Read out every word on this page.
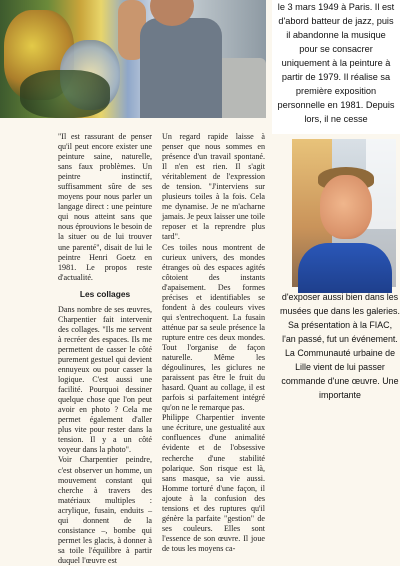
le 3 mars 1949 à Paris. Il est d'abord batteur de jazz, puis il abandonne la musique pour se consacrer uniquement à la peinture à partir de 1979. Il réalise sa première exposition personnelle en 1981. Depuis lors, il ne cesse

"Il est rassurant de penser qu'il peut encore exister une peinture saine, naturelle, sans faux problèmes. Un peintre instinctif, suffisamment sûre de ses moyens pour nous parler un langage direct : une peinture qui nous atteint sans que nous éprouvions le besoin de la situer ou de lui trouver une parenté", disait de lui le peintre Henri Goetz en 1981. Le propos reste d'actualité.

Les collages

Dans nombre de ses œuvres, Charpentier fait intervenir des collages. "Ils me servent à recréer des espaces. Ils me permettent de casser le côté purement gestuel qui devient ennuyeux ou pour casser la logique. C'est aussi une facilité. Pourquoi dessiner quelque chose que l'on peut avoir en photo ? Cela me permet également d'aller plus vite pour rester dans la tension. Il y a un côté voyeur dans la photo".

Voir Charpentier peindre, c'est observer un homme, un mouvement constant qui cherche à travers des matériaux multiples : acrylique, fusain, enduits – qui donnent de la consistance –, bombe qui permet les glacis, à donner à sa toile l'équilibre à partir duquel l'œuvre est

Un regard rapide laisse à penser que nous sommes en présence d'un travail spontané. Il n'en est rien. Il s'agit véritablement de l'expression de tension. "J'interviens sur plusieurs toiles à la fois. Cela me dynamise. Je ne m'acharne jamais. Je peux laisser une toile reposer et la reprendre plus tard".

Ces toiles nous montrent de curieux univers, des mondes étranges où des espaces agités côtoient des instants d'apaisement. Des formes précises et identifiables se fondent à des couleurs vives qui s'entrechoquent. La fusain atténue par sa seule présence la rupture entre ces deux mondes. Tout l'organise de façon naturelle. Même les dégoulinures, les giclures ne paraissent pas être le fruit du hasard. Quant au collage, il est parfois si parfaitement intégré qu'on ne le remarque pas.

Philippe Charpentier invente une écriture, une gestualité aux confluences d'une animalité évidente et de l'obsessive recherche d'une stabilité polarique. Son risque est là, sans masque, sa vie aussi. Homme torturé d'une façon, il ajoute à la confusion des tensions et des ruptures qu'il génère la parfaite "gestion" de ses couleurs. Elles sont l'essence de son œuvre. Il joue de tous les moyens ca-

d'exposer aussi bien dans les musées que dans les galeries. Sa présentation à la FIAC, l'an passé, fut un événement. La Communauté urbaine de Lille vient de lui passer commande d'une œuvre. Une importante
